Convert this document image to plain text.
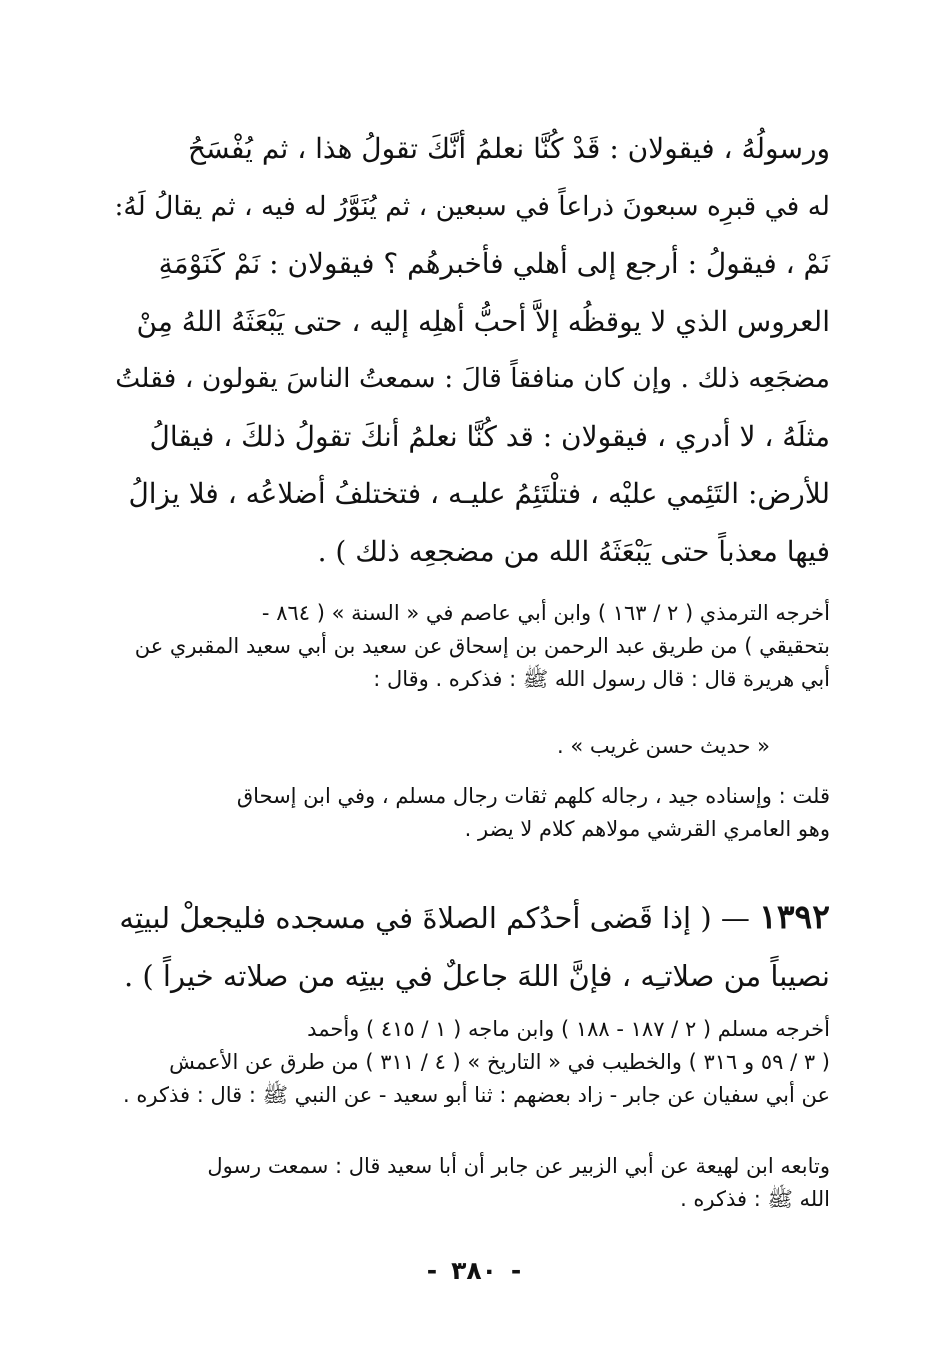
ورسولُهُ ، فيقولان : قَدْ كُنَّا نعلمُ أنَّكَ تقولُ هذا ، ثم يُفْسَحُ
له في قبرِه سبعونَ ذراعاً في سبعين ، ثم يُنَوَّرُ له فيه ، ثم يقالُ لَهُ:
نَمْ ، فيقولُ : أرجع إلى أهلي فأخبرهُم ؟ فيقولان : نَمْ كَنَوْمَةِ
العروس الذي لا يوقظُه إلاَّ أحبُّ أهلِه إليه ، حتى يَبْعَثَهُ اللهُ مِنْ
مضجَعِه ذلك . وإن كان منافقاً قالَ : سمعتُ الناسَ يقولون ، فقلتُ
مثلَهُ ، لا أدري ، فيقولان : قد كُنَّا نعلمُ أنكَ تقولُ ذلكَ ، فيقالُ
للأرض: التَئِمي عليْه ، فتلْتَئِمُ عليـه ، فتختلفُ أضلاعُه ، فلا يزالُ
فيها معذباً حتى يَبْعَثَهُ الله من مضجعِه ذلك ) .
أخرجه الترمذي ( ٢ / ١٦٣ ) وابن أبي عاصم في « السنة » ( ٨٦٤ -
بتحقيقي ) من طريق عبد الرحمن بن إسحاق عن سعيد بن أبي سعيد المقبري عن
أبي هريرة قال : قال رسول الله ﷺ : فذكره . وقال :
« حديث حسن غريب » .
قلت : وإسناده جيد ، رجاله كلهم ثقات رجال مسلم ، وفي ابن إسحاق
وهو العامري القرشي مولاهم كلام لا يضر .
١٣٩٢ — ( إذا قَضى أحدُكم الصلاةَ في مسجده فليجعلْ لبيتِه
نصيباً من صلاتـِه ، فإنَّ اللهَ جاعلٌ في بيتِه من صلاته خيراً ) .
أخرجه مسلم ( ٢ / ١٨٧ - ١٨٨ ) وابن ماجه ( ١ / ٤١٥ ) وأحمد
( ٣ / ٥٩ و ٣١٦ ) والخطيب في « التاريخ » ( ٤ / ٣١١ ) من طرق عن الأعمش
عن أبي سفيان عن جابر - زاد بعضهم : ثنا أبو سعيد - عن النبي ﷺ : قال : فذكره .
وتابعه ابن لهيعة عن أبي الزبير عن جابر أن أبا سعيد قال : سمعت رسول
الله ﷺ : فذكره .
-٣٨٠-
